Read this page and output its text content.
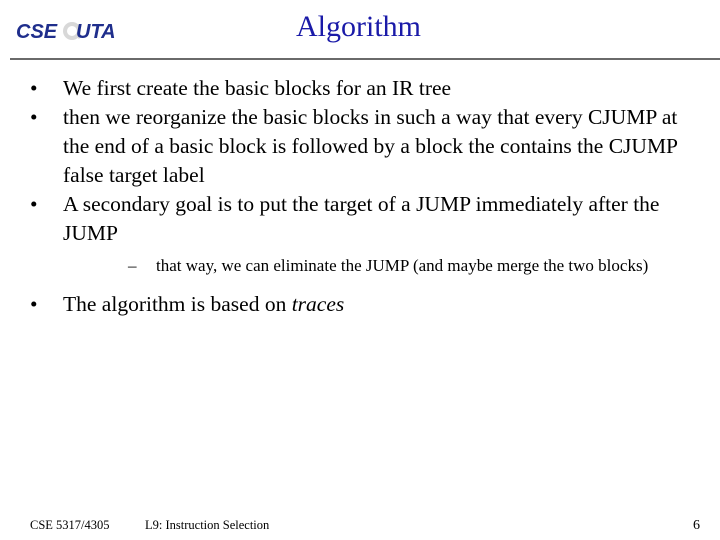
CSE UTA	Algorithm
• We first create the basic blocks for an IR tree
• then we reorganize the basic blocks in such a way that every CJUMP at the end of a basic block is followed by a block the contains the CJUMP false target label
• A secondary goal is to put the target of a JUMP immediately after the JUMP
– that way, we can eliminate the JUMP (and maybe merge the two blocks)
• The algorithm is based on traces
CSE 5317/4305	L9: Instruction Selection	6
